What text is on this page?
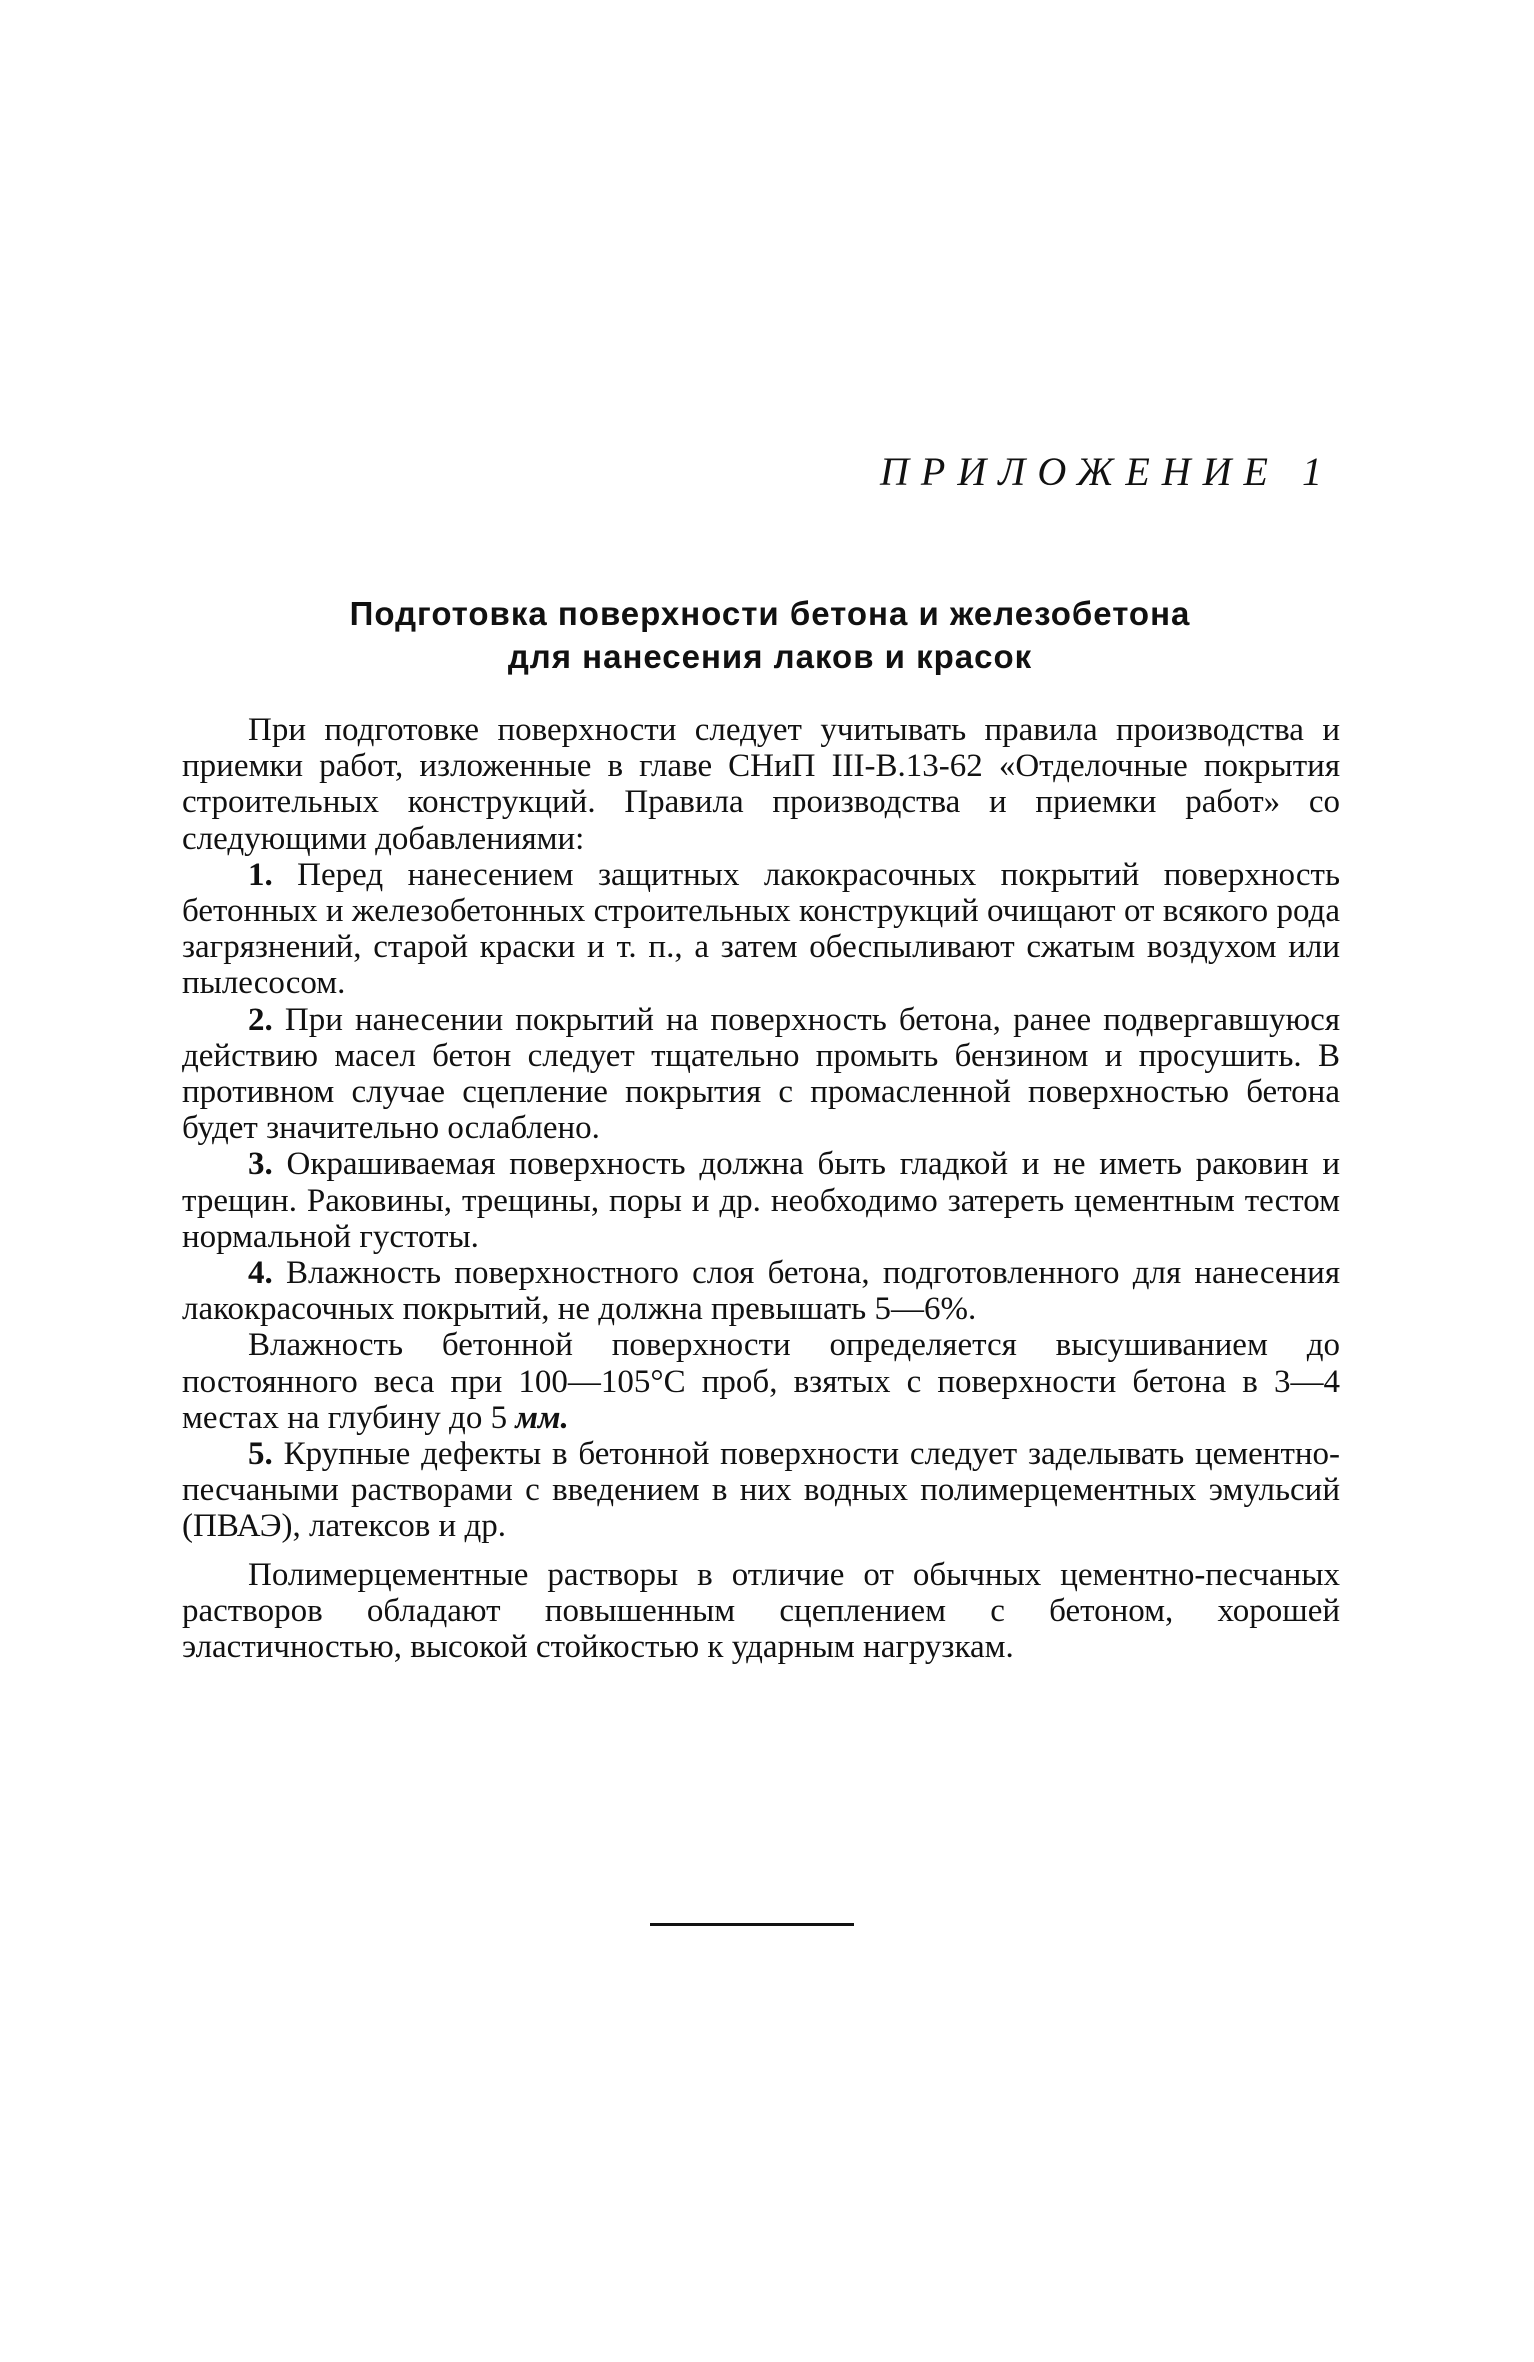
ПРИЛОЖЕНИЕ 1
Подготовка поверхности бетона и железобетона
для нанесения лаков и красок

При подготовке поверхности следует учитывать правила производства и приемки работ, изложенные в главе СНиП III-В.13-62 «Отделочные покрытия строительных конструкций. Правила производства и приемки работ» со следующими добавлениями:

1. Перед нанесением защитных лакокрасочных покрытий поверхность бетонных и железобетонных строительных конструкций очищают от всякого рода загрязнений, старой краски и т. п., а затем обеспыливают сжатым воздухом или пылесосом.

2. При нанесении покрытий на поверхность бетона, ранее подвергавшуюся действию масел бетон следует тщательно промыть бензином и просушить. В противном случае сцепление покрытия с промасленной поверхностью бетона будет значительно ослаблено.

3. Окрашиваемая поверхность должна быть гладкой и не иметь раковин и трещин. Раковины, трещины, поры и др. необходимо затереть цементным тестом нормальной густоты.

4. Влажность поверхностного слоя бетона, подготовленного для нанесения лакокрасочных покрытий, не должна превышать 5—6%.

Влажность бетонной поверхности определяется высушиванием до постоянного веса при 100—105°С проб, взятых с поверхности бетона в 3—4 местах на глубину до 5 мм.

5. Крупные дефекты в бетонной поверхности следует заделывать цементно-песчаными растворами с введением в них водных полимерцементных эмульсий (ПВАЭ), латексов и др.

Полимерцементные растворы в отличие от обычных цементно-песчаных растворов обладают повышенным сцеплением с бетоном, хорошей эластичностью, высокой стойкостью к ударным нагрузкам.
